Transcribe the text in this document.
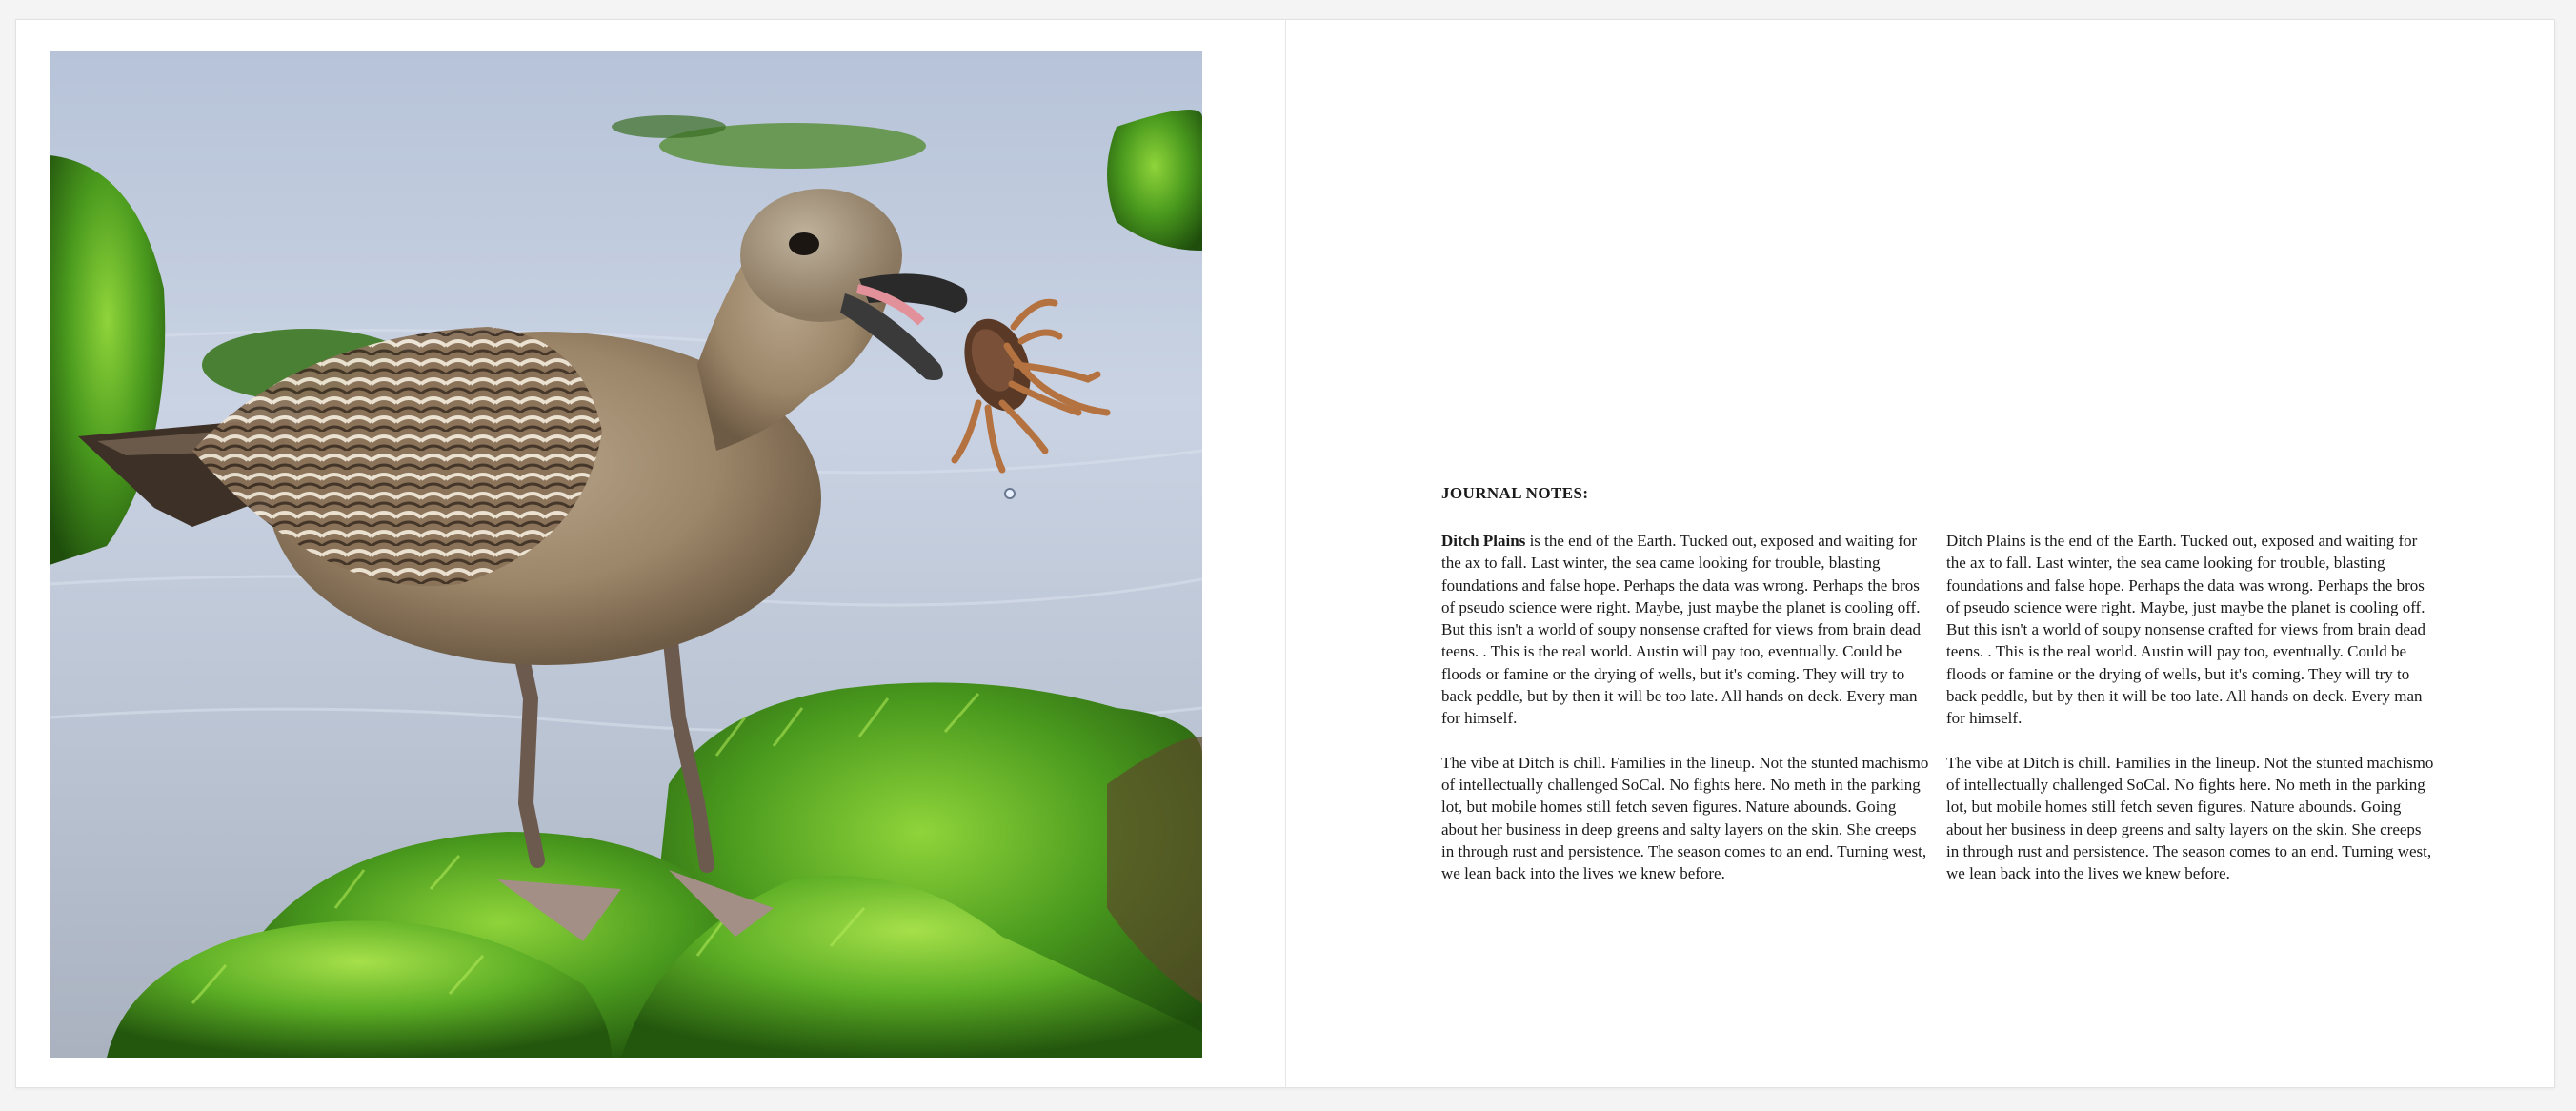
JOURNAL NOTES:

Ditch Plains is the end of the Earth. Tucked out, exposed and waiting for the ax to fall. Last winter, the sea came looking for trouble, blasting foundations and false hope. Perhaps the data was wrong. Perhaps the bros of pseudo science were right. Maybe, just maybe the planet is cooling off. But this isn't a world of soupy nonsense crafted for views from brain dead teens. . This is the real world. Austin will pay too, eventually. Could be floods or famine or the drying of wells, but it's coming. They will try to back peddle, but by then it will be too late. All hands on deck. Every man for himself.

The vibe at Ditch is chill. Families in the lineup. Not the stunted machismo of intellectually challenged SoCal. No fights here. No meth in the parking lot, but mobile homes still fetch seven figures. Nature abounds. Going about her business in deep greens and salty layers on the skin. She creeps in through rust and persistence. The season comes to an end. Turning west, we lean back into the lives we knew before.

Ditch Plains is the end of the Earth. Tucked out, exposed and waiting for the ax to fall. Last winter, the sea came looking for trouble, blasting foundations and false hope. Perhaps the data was wrong. Perhaps the bros of pseudo science were right. Maybe, just maybe the planet is cooling off. But this isn't a world of soupy nonsense crafted for views from brain dead teens. . This is the real world. Austin will pay too, eventually. Could be floods or famine or the drying of wells, but it's coming. They will try to back peddle, but by then it will be too late. All hands on deck. Every man for himself.

The vibe at Ditch is chill. Families in the lineup. Not the stunted machismo of intellectually challenged SoCal. No fights here. No meth in the parking lot, but mobile homes still fetch seven figures. Nature abounds. Going about her business in deep greens and salty layers on the skin. She creeps in through rust and persistence. The season comes to an end. Turning west, we lean back into the lives we knew before.
